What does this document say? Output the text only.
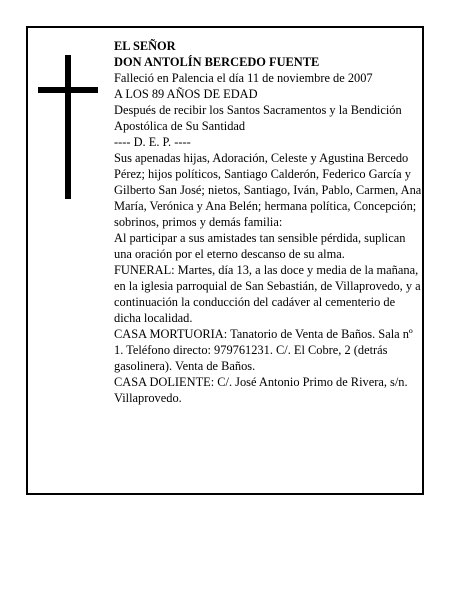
EL SEÑOR

DON ANTOLÍN BERCEDO FUENTE

Falleció en Palencia el día 11 de noviembre de 2007

A LOS 89 AÑOS DE EDAD

Después de recibir los Santos Sacramentos y la Bendición Apostólica de Su Santidad

---- D. E. P. ----

Sus apenadas hijas, Adoración, Celeste y Agustina Bercedo Pérez; hijos políticos, Santiago Calderón, Federico García y Gilberto San José; nietos, Santiago, Iván, Pablo, Carmen, Ana María, Verónica y Ana Belén; hermana política, Concepción; sobrinos, primos y demás familia:

Al participar a sus amistades tan sensible pérdida, suplican una oración por el eterno descanso de su alma.

FUNERAL: Martes, día 13, a las doce y media de la mañana, en la iglesia parroquial de San Sebastián, de Villaprovedo, y a continuación la conducción del cadáver al cementerio de dicha localidad.

CASA MORTUORIA: Tanatorio de Venta de Baños. Sala nº 1. Teléfono directo: 979761231. C/. El Cobre, 2 (detrás gasolinera). Venta de Baños.

CASA DOLIENTE: C/. José Antonio Primo de Rivera, s/n. Villaprovedo.
